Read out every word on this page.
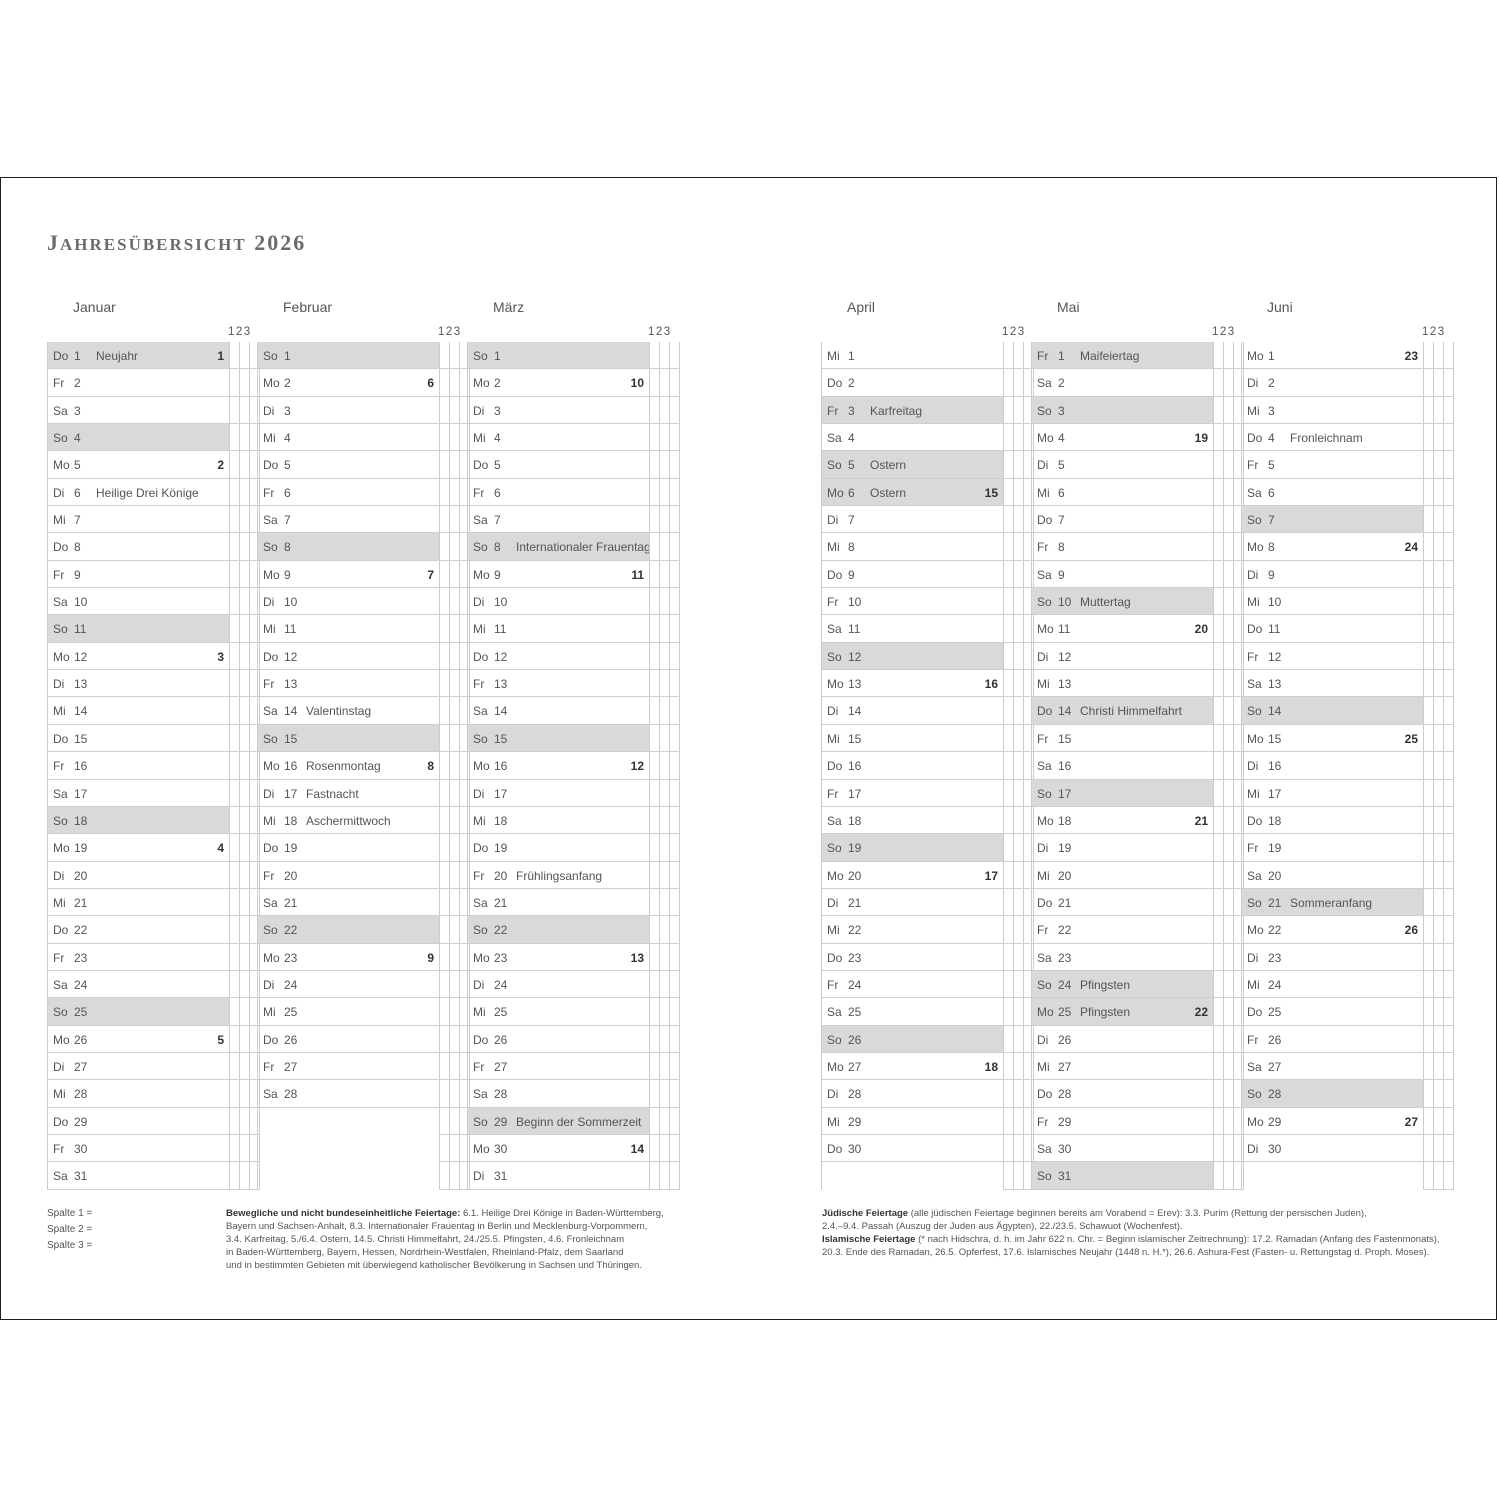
JAHRESÜBERSICHT 2026
Januar
123
Do 1 Neujahr	1
Fr 2
Sa 3
So 4
Mo 5	2
Di 6 Heilige Drei Könige
Mi 7
Do 8
Fr 9
Sa 10
So 11
Mo 12	3
Di 13
Mi 14
Do 15
Fr 16
Sa 17
So 18
Mo 19	4
Di 20
Mi 21
Do 22
Fr 23
Sa 24
So 25
Mo 26	5
Di 27
Mi 28
Do 29
Fr 30
Sa 31
Februar
123
So 1
Mo 2	6
Di 3
Mi 4
Do 5
Fr 6
Sa 7
So 8
Mo 9	7
Di 10
Mi 11
Do 12
Fr 13
Sa 14 Valentinstag
So 15
Mo 16 Rosenmontag	8
Di 17 Fastnacht
Mi 18 Aschermittwoch
Do 19
Fr 20
Sa 21
So 22
Mo 23	9
Di 24
Mi 25
Do 26
Fr 27
Sa 28
März
123
So 1
Mo 2	10
Di 3
Mi 4
Do 5
Fr 6
Sa 7
So 8 Internationaler Frauentag
Mo 9	11
Di 10
Mi 11
Do 12
Fr 13
Sa 14
So 15
Mo 16	12
Di 17
Mi 18
Do 19
Fr 20 Frühlingsanfang
Sa 21
So 22
Mo 23	13
Di 24
Mi 25
Do 26
Fr 27
Sa 28
So 29 Beginn der Sommerzeit
Mo 30	14
Di 31
April
123
Mi 1
Do 2
Fr 3 Karfreitag
Sa 4
So 5 Ostern
Mo 6 Ostern	15
Di 7
Mi 8
Do 9
Fr 10
Sa 11
So 12
Mo 13	16
Di 14
Mi 15
Do 16
Fr 17
Sa 18
So 19
Mo 20	17
Di 21
Mi 22
Do 23
Fr 24
Sa 25
So 26
Mo 27	18
Di 28
Mi 29
Do 30
Mai
123
Fr 1 Maifeiertag
Sa 2
So 3
Mo 4	19
Di 5
Mi 6
Do 7
Fr 8
Sa 9
So 10 Muttertag
Mo 11	20
Di 12
Mi 13
Do 14 Christi Himmelfahrt
Fr 15
Sa 16
So 17
Mo 18	21
Di 19
Mi 20
Do 21
Fr 22
Sa 23
So 24 Pfingsten
Mo 25 Pfingsten	22
Di 26
Mi 27
Do 28
Fr 29
Sa 30
So 31
Juni
123
Mo 1	23
Di 2
Mi 3
Do 4 Fronleichnam
Fr 5
Sa 6
So 7
Mo 8	24
Di 9
Mi 10
Do 11
Fr 12
Sa 13
So 14
Mo 15	25
Di 16
Mi 17
Do 18
Fr 19
Sa 20
So 21 Sommeranfang
Mo 22	26
Di 23
Mi 24
Do 25
Fr 26
Sa 27
So 28
Mo 29	27
Di 30
Spalte 1 =
Spalte 2 =
Spalte 3 =

Bewegliche und nicht bundeseinheitliche Feiertage: 6.1. Heilige Drei Könige in Baden-Württemberg,

Bayern und Sachsen-Anhalt, 8.3. Internationaler Frauentag in Berlin und Mecklenburg-Vorpommern,

3.4. Karfreitag, 5./6.4. Ostern, 14.5. Christi Himmelfahrt, 24./25.5. Pfingsten, 4.6. Fronleichnam

in Baden-Württemberg, Bayern, Hessen, Nordrhein-Westfalen, Rheinland-Pfalz, dem Saarland

und in bestimmten Gebieten mit überwiegend katholischer Bevölkerung in Sachsen und Thüringen.

Jüdische Feiertage (alle jüdischen Feiertage beginnen bereits am Vorabend = Erev): 3.3. Purim (Rettung der persischen Juden),

2.4.–9.4. Passah (Auszug der Juden aus Ägypten), 22./23.5. Schawuot (Wochenfest).

Islamische Feiertage (* nach Hidschra, d. h. im Jahr 622 n. Chr. = Beginn islamischer Zeitrechnung): 17.2. Ramadan (Anfang des Fastenmonats),

20.3. Ende des Ramadan, 26.5. Opferfest, 17.6. Islamisches Neujahr (1448 n. H.*), 26.6. Ashura-Fest (Fasten- u. Rettungstag d. Proph. Moses).
